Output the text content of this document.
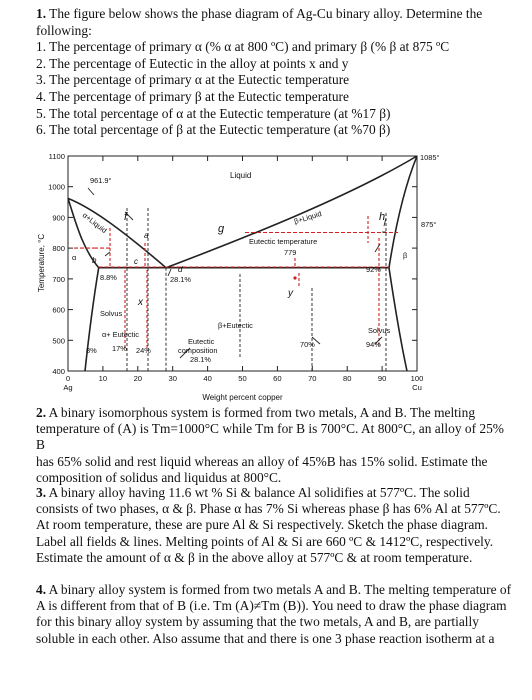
1. The figure below shows the phase diagram of Ag-Cu binary alloy. Determine the
following:
1. The percentage of primary α (% α at 800 ºC) and primary β (% β at 875 ºC
2. The percentage of Eutectic in the alloy at points x and y
3. The percentage of primary α at the Eutectic temperature
4. The percentage of primary β at the Eutectic temperature
5. The total percentage of α at the Eutectic temperature (at %17 β)
6. The total percentage of β at the Eutectic temperature (at %70 β)
1100
1000
900
800
700
600
500
400
0	10	20	30	40	50	60	70	80	90	100
Ag	Cu
Weight percent copper
Temperature, °C
961.9°
1085°
875°
Liquid
α+Liquid	β+Liquid
Eutectic temperature
779	β
α
8.8%	28.1%
92%
Solvus
Solvus
α+ Eutectic
β+Eutectic
Eutectic
composition
28.1%
8% 17% 24%
70%	94%
a
b	c
d
f
g
h
x
y
2. A binary isomorphous system is formed from two metals, A and B. The melting
temperature of (A) is Tm=1000°C while Tm for B is 700°C. At 800°C, an alloy of 25% B
has 65% solid and rest liquid whereas an alloy of 45%B has 15% solid. Estimate the
composition of solidus and liquidus at 800°C.
3. A binary alloy having 11.6 wt % Si & balance Al solidifies at 577ºC. The solid
consists of two phases, α & β. Phase α has 7% Si whereas phase β has 6% Al at 577ºC.
At room temperature, these are pure Al & Si respectively. Sketch the phase diagram.
Label all fields & lines. Melting points of Al & Si are 660 ºC & 1412ºC, respectively.
Estimate the amount of α & β in the above alloy at 577ºC & at room temperature.
4. A binary alloy system is formed from two metals A and B. The melting temperature of
A is different from that of B (i.e. Tm (A)≠Tm (B)). You need to draw the phase diagram
for this binary alloy system by assuming that the two metals, A and B, are partially
soluble in each other. Also assume that and there is one 3 phase reaction isotherm at a
